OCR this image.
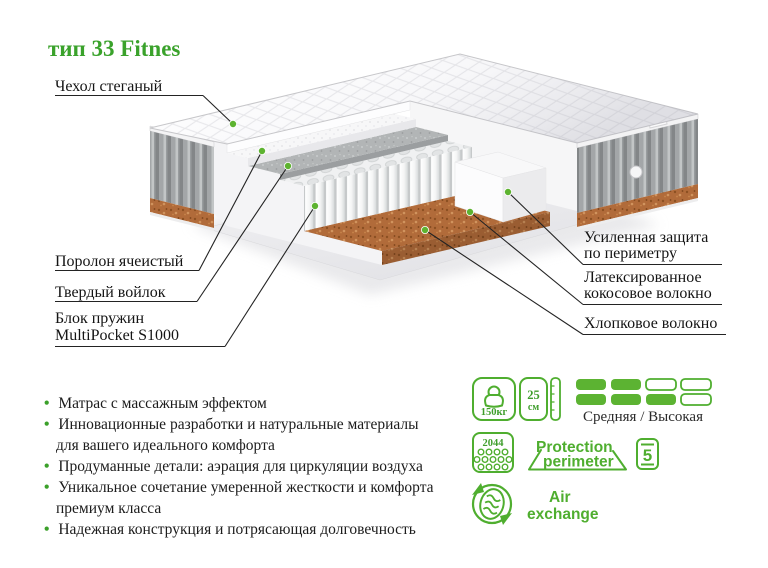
150кг
25
см
Средняя / Высокая
2044 Protection
perimeter 5
Air
exchange
тип 33 Fitnes
Чехол стеганый
Поролон ячеистый
Твердый войлок
Блок пружин
MultiPocket S1000
Усиленная защита
по периметру
Латексированное
кокосовое волокно
Хлопковое волокно
• Матрас с массажным эффектом
• Инновационные разработки и натуральные материалы
для вашего идеального комфорта
• Продуманные детали: аэрация для циркуляции воздуха
• Уникальное сочетание умеренной жесткости и комфорта
премиум класса
• Надежная конструкция и потрясающая долговечность
